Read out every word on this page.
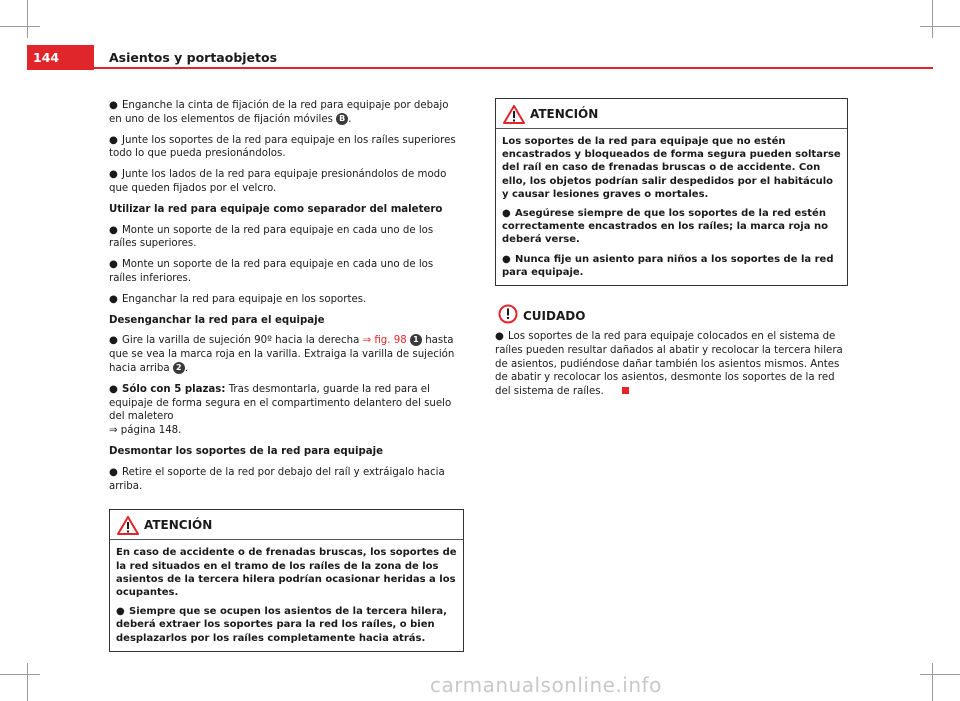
144	Asientos y portaobjetos
● Enganche la cinta de fijación de la red para equipaje por debajo en uno de los elementos de fijación móviles B .
● Junte los soportes de la red para equipaje en los raíles superiores todo lo que pueda presionándolos.
● Junte los lados de la red para equipaje presionándolos de modo que queden fijados por el velcro.
Utilizar la red para equipaje como separador del maletero
● Monte un soporte de la red para equipaje en cada uno de los raíles superiores.
● Monte un soporte de la red para equipaje en cada uno de los raíles inferiores.
● Enganchar la red para equipaje en los soportes.
Desenganchar la red para el equipaje
● Gire la varilla de sujeción 90º hacia la derecha ⇒ fig. 98 1 hasta que se vea la marca roja en la varilla. Extraiga la varilla de sujeción hacia arriba 2 .
● Sólo con 5 plazas: Tras desmontarla, guarde la red para el equipaje de forma segura en el compartimento delantero del suelo del maletero
⇒ página 148.
Desmontar los soportes de la red para equipaje
● Retire el soporte de la red por debajo del raíl y extráigalo hacia arriba.
ATENCIÓN
En caso de accidente o de frenadas bruscas, los soportes de la red situados en el tramo de los raíles de la zona de los asientos de la tercera hilera podrían ocasionar heridas a los ocupantes.
● Siempre que se ocupen los asientos de la tercera hilera, deberá extraer los soportes para la red los raíles, o bien desplazarlos por los raíles completamente hacia atrás.
ATENCIÓN
Los soportes de la red para equipaje que no estén encastrados y bloqueados de forma segura pueden soltarse del raíl en caso de frenadas bruscas o de accidente. Con ello, los objetos podrían salir despedidos por el habitáculo y causar lesiones graves o mortales.
● Asegúrese siempre de que los soportes de la red estén correctamente encastrados en los raíles; la marca roja no deberá verse.
● Nunca fije un asiento para niños a los soportes de la red para equipaje.
CUIDADO
● Los soportes de la red para equipaje colocados en el sistema de raíles pueden resultar dañados al abatir y recolocar la tercera hilera de asientos, pudiéndose dañar también los asientos mismos. Antes de abatir y recolocar los asientos, desmonte los soportes de la red del sistema de raíles.
carmanualsonline.info
